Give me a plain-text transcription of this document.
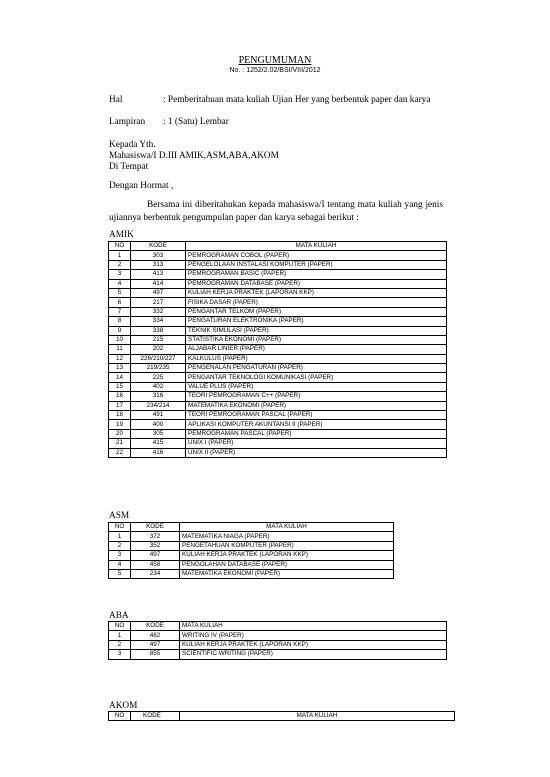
PENGUMUMAN
No. : 1252/2.02/BSI/VIII/2012
Hal	: Pemberitahuan mata kuliah Ujian Her yang berbentuk paper dan karya
Lampiran : 1 (Satu) Lembar
Kepada Yth.
Mahasiswa/I D.III AMIK,ASM,ABA,AKOM
Di Tempat
Dengan Hormat ,
Bersama ini diberitahukan kepada mahasiswa/I tentang mata kuliah yang jenis ujiannya berbentuk pengumpulan paper dan karya sebagai berikut :
AMIK
NO	KODE	MATA KULIAH
1	303	PEMROGRAMAN COBOL (PAPER)
2	313	PENGELOLAAN INSTALASI KOMPUTER (PAPER)
3	413	PEMROGRAMAN BASIC (PAPER)
4	414	PEMROGRAMAN DATABASE (PAPER)
5	497	KULIAH KERJA PRAKTEK (LAPORAN KKP)
6	217	FISIKA DASAR (PAPER)
7	332	PENGANTAR TELKOM (PAPER)
8	334	PENGATURAN ELEKTRONIKA (PAPER)
9	338	TEKNIK SIMULASI (PAPER)
10	215	STATISTIKA EKONOMI (PAPER)
11	202	ALJABAR LINIER (PAPER)
12	226/210/227	KALKULUS (PAPER)
13	219/235	PENGENALAN PENGATURAN (PAPER)
14	225	PENGANTAR TEKNOLOGI KOMUNIKASI (PAPER)
15	402	VALUE PLUS (PAPER)
16	316	TEORI PEMROGRAMAN C++ (PAPER)
17	234/214	MATEMATIKA EKONOMI (PAPER)
18	491	TEORI PEMROGRAMAN PASCAL (PAPER)
19	400	APLIKASI KOMPUTER AKUNTANSI II (PAPER)
20	305	PEMROGRAMAN PASCAL (PAPER)
21	415	UNIX I (PAPER)
22	416	UNIX II (PAPER)
ASM
NO	KODE	MATA KULIAH
1	372	MATEMATIKA NIAGA (PAPER)
2	352	PENGETAHUAN KOMPUTER (PAPER)
3	497	KULIAH KERJA PRAKTEK (LAPORAN KKP)
4	458	PENGOLAHAN DATABASE (PAPER)
5	234	MATEMATIKA EKONOMI (PAPER)
ABA
NO	KODE	MATA KULIAH
1	482	WRITING IV (PAPER)
2	497	KULIAH KERJA PRAKTEK (LAPORAN KKP)
3	855	SCIENTIFIC WRITING (PAPER)
AKOM
NO	KODE	MATA KULIAH
